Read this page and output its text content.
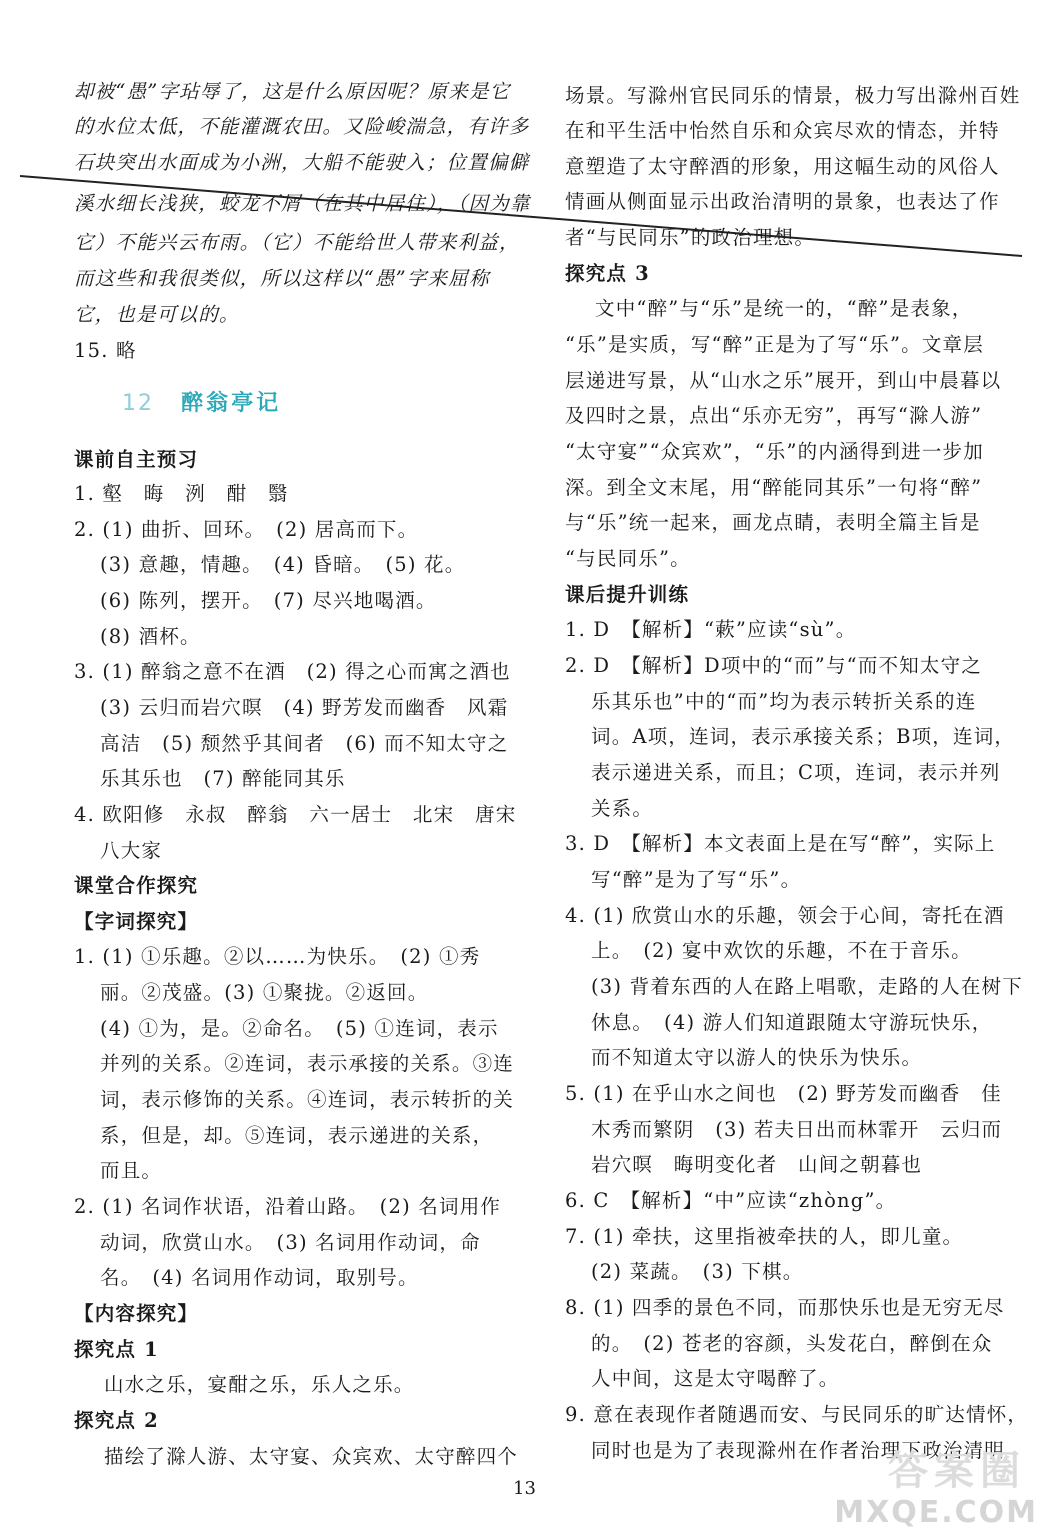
却被“愚”字玷辱了，这是什么原因呢？原来是它
的水位太低，不能灌溉农田。又险峻湍急，有许多
石块突出水面成为小洲，大船不能驶入；位置偏僻
溪水细长浅狭，蛟龙不屑（在其中居住），（因为靠
它）不能兴云布雨。（它）不能给世人带来利益，
而这些和我很类似，所以这样以“愚”字来屈称
它，也是可以的。
15. 略
课前自主预习
1. 壑　晦　洌　酣　翳
2. (1) 曲折、回环。　(2) 居高而下。
(3) 意趣，情趣。　(4) 昏暗。　(5) 花。
(6) 陈列，摆开。　(7) 尽兴地喝酒。
(8) 酒杯。
3. (1) 醉翁之意不在酒　(2) 得之心而寓之酒也
(3) 云归而岩穴暝　(4) 野芳发而幽香　风霜
高洁　(5) 颓然乎其间者　(6) 而不知太守之
乐其乐也　(7) 醉能同其乐
4. 欧阳修　永叔　醉翁　六一居士　北宋　唐宋
八大家
课堂合作探究
【字词探究】
1. (1) ①乐趣。②以……为快乐。　(2) ①秀
丽。②茂盛。(3) ①聚拢。②返回。
(4) ①为，是。②命名。　(5) ①连词，表示
并列的关系。②连词，表示承接的关系。③连
词，表示修饰的关系。④连词，表示转折的关
系，但是，却。⑤连词，表示递进的关系，
而且。
2. (1) 名词作状语，沿着山路。　(2) 名词用作
动词，欣赏山水。　(3) 名词用作动词，命
名。　(4) 名词用作动词，取别号。
【内容探究】
探究点 1
山水之乐，宴酣之乐，乐人之乐。
探究点 2
描绘了滁人游、太守宴、众宾欢、太守醉四个
12 醉翁亭记
场景。写滁州官民同乐的情景，极力写出滁州百姓
在和平生活中怡然自乐和众宾尽欢的情态，并特
意塑造了太守醉酒的形象，用这幅生动的风俗人
情画从侧面显示出政治清明的景象，也表达了作
者“与民同乐”的政治理想。
探究点 3
文中“醉”与“乐”是统一的，“醉”是表象，
“乐”是实质，写“醉”正是为了写“乐”。文章层
层递进写景，从“山水之乐”展开，到山中晨暮以
及四时之景，点出“乐亦无穷”，再写“滁人游”
“太守宴”“众宾欢”，“乐”的内涵得到进一步加
深。到全文末尾，用“醉能同其乐”一句将“醉”
与“乐”统一起来，画龙点睛，表明全篇主旨是
“与民同乐”。
课后提升训练
1. D　【解析】“蔌”应读“sù”。
2. D　【解析】D项中的“而”与“而不知太守之
乐其乐也”中的“而”均为表示转折关系的连
词。A项，连词，表示承接关系；B项，连词，
表示递进关系，而且；C项，连词，表示并列
关系。
3. D　【解析】本文表面上是在写“醉”，实际上
写“醉”是为了写“乐”。
4. (1) 欣赏山水的乐趣，领会于心间，寄托在酒
上。　(2) 宴中欢饮的乐趣，不在于音乐。
(3) 背着东西的人在路上唱歌，走路的人在树下
休息。　(4) 游人们知道跟随太守游玩快乐，
而不知道太守以游人的快乐为快乐。
5. (1) 在乎山水之间也　(2) 野芳发而幽香　佳
木秀而繁阴　(3) 若夫日出而林霏开　云归而
岩穴暝　晦明变化者　山间之朝暮也
6. C　【解析】“中”应读“zhòng”。
7. (1) 牵扶，这里指被牵扶的人，即儿童。
(2) 菜蔬。　(3) 下棋。
8. (1) 四季的景色不同，而那快乐也是无穷无尽
的。　(2) 苍老的容颜，头发花白，醉倒在众
人中间，这是太守喝醉了。
9. 意在表现作者随遇而安、与民同乐的旷达情怀，
同时也是为了表现滁州在作者治理下政治清明
13	答案圈
MXQE.COM
